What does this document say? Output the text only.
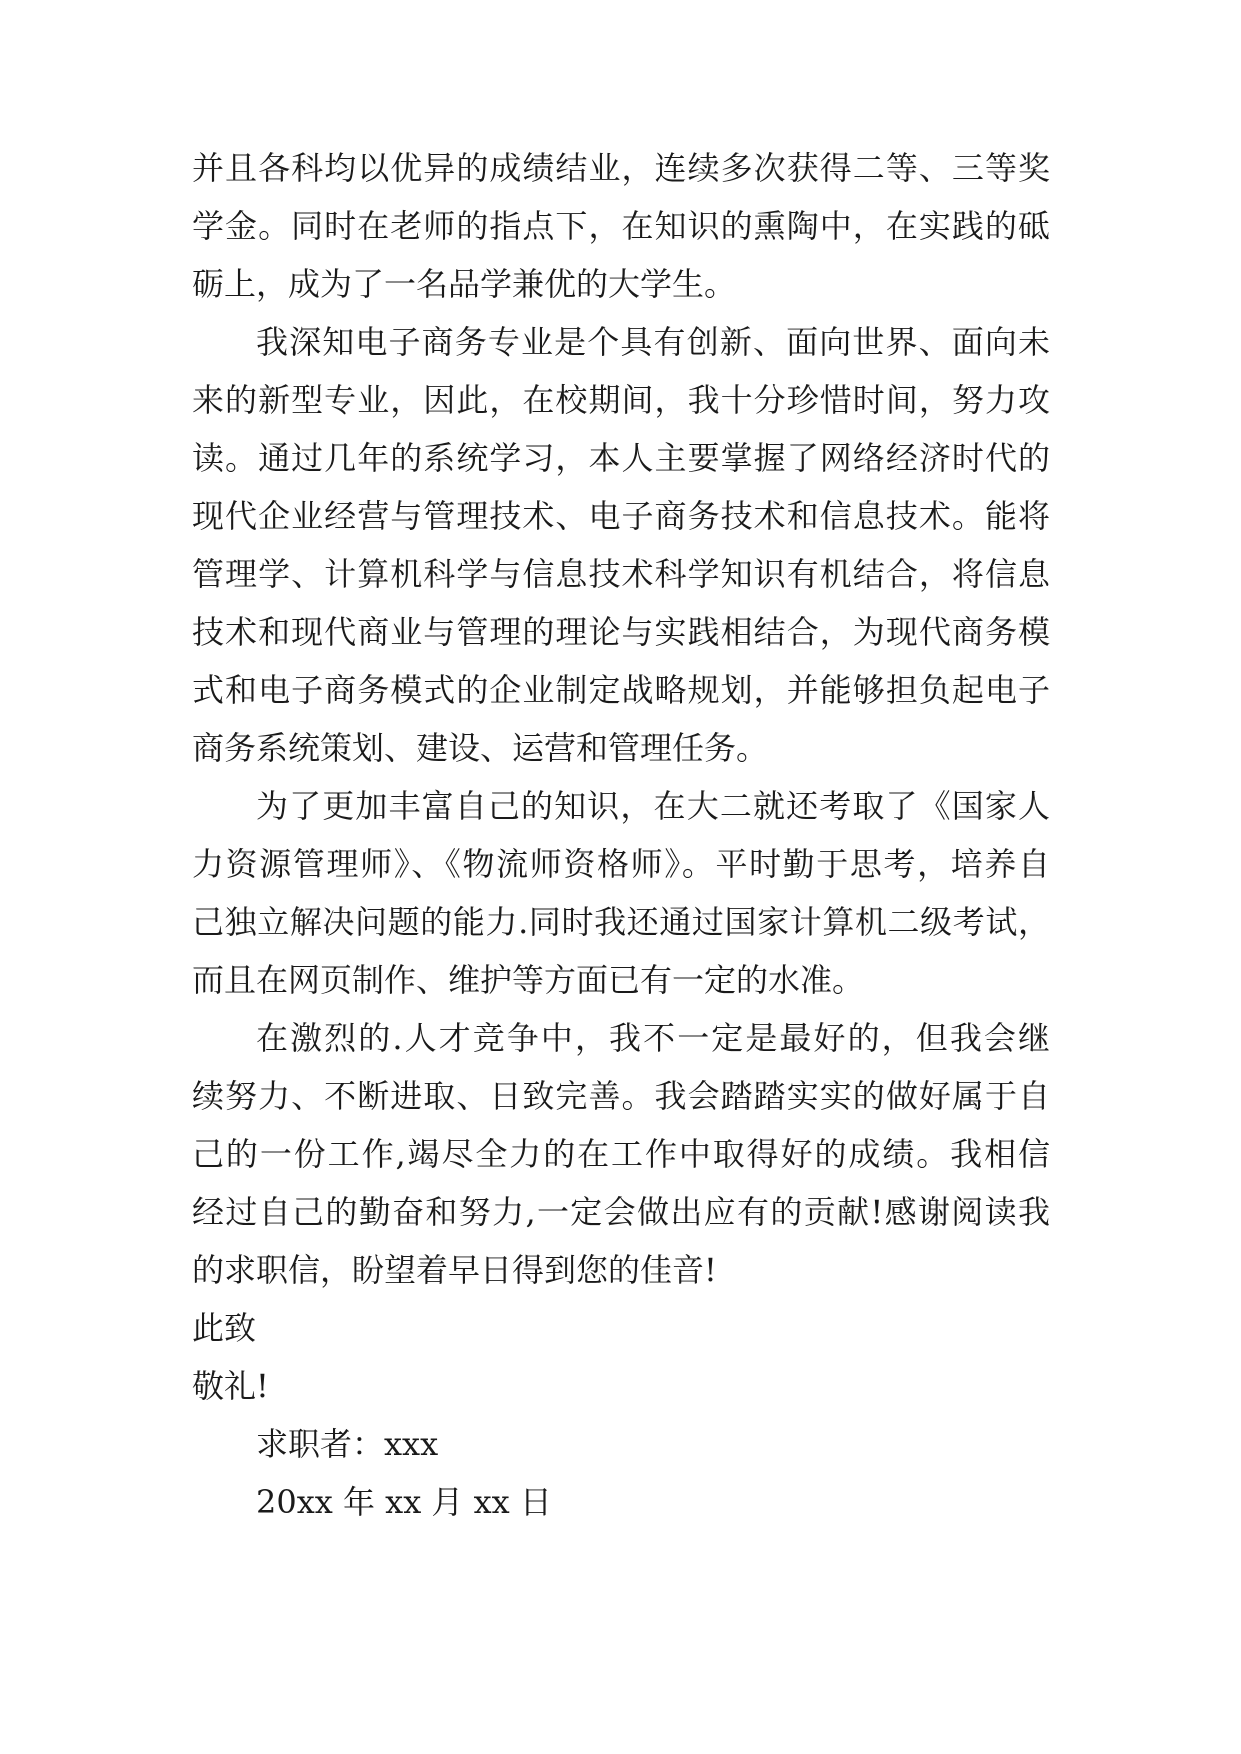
并且各科均以优异的成绩结业，连续多次获得二等、三等奖
学金。同时在老师的指点下，在知识的熏陶中，在实践的砥
砺上，成为了一名品学兼优的大学生。
我深知电子商务专业是个具有创新、面向世界、面向未
来的新型专业，因此，在校期间，我十分珍惜时间，努力攻
读。通过几年的系统学习，本人主要掌握了网络经济时代的
现代企业经营与管理技术、电子商务技术和信息技术。能将
管理学、计算机科学与信息技术科学知识有机结合，将信息
技术和现代商业与管理的理论与实践相结合，为现代商务模
式和电子商务模式的企业制定战略规划，并能够担负起电子
商务系统策划、建设、运营和管理任务。
为了更加丰富自己的知识，在大二就还考取了《国家人
力资源管理师》、《物流师资格师》。平时勤于思考，培养自
己独立解决问题的能力.同时我还通过国家计算机二级考试，
而且在网页制作、维护等方面已有一定的水准。
在激烈的.人才竞争中，我不一定是最好的，但我会继
续努力、不断进取、日致完善。我会踏踏实实的做好属于自
己的一份工作,竭尽全力的在工作中取得好的成绩。我相信
经过自己的勤奋和努力,一定会做出应有的贡献!感谢阅读我
的求职信，盼望着早日得到您的佳音!
此致
敬礼!
求职者：xxx
20xx 年 xx 月 xx 日
